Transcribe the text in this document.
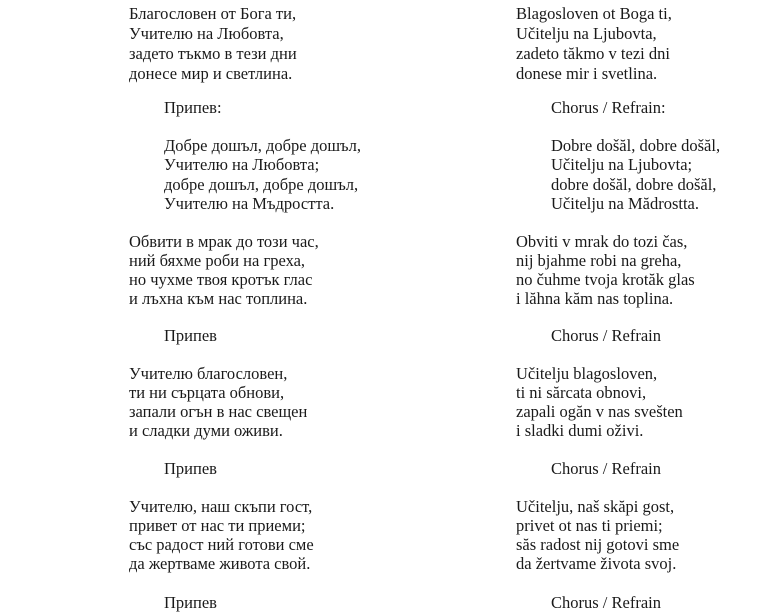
Благословен от Бога ти,
Учителю на Любовта,
задето тъкмо в тези дни
донесе мир и светлина.
Припев:
Добре дошъл, добре дошъл,
Учителю на Любовта;
добре дошъл, добре дошъл,
Учителю на Мъдростта.
Обвити в мрак до този час,
ний бяхме роби на греха,
но чухме твоя кротък глас
и лъхна към нас топлина.
Припев
Учителю благословен,
ти ни сърцата обнови,
запали огън в нас свещен
и сладки думи оживи.
Припев
Учителю, наш скъпи гост,
привет от нас ти приеми;
със радост ний готови сме
да жертваме живота свой.
Припев
Blagosloven ot Boga ti,
Učitelju na Ljubovta,
zadeto tăkmo v tezi dni
donese mir i svetlina.
Chorus / Refrain:
Dobre došăl, dobre došăl,
Učitelju na Ljubovta;
dobre došăl, dobre došăl,
Učitelju na Mădrostta.
Obviti v mrak do tozi čas,
nij bjahme robi na greha,
no čuhme tvoja krotăk glas
i lăhna kăm nas toplina.
Chorus / Refrain
Učitelju blagosloven,
ti ni sărcata obnovi,
zapali ogăn v nas svešten
i sladki dumi oživi.
Chorus / Refrain
Učitelju, naš skăpi gost,
privet ot nas ti priemi;
săs radost nij gotovi sme
da žertvame života svoj.
Chorus / Refrain
